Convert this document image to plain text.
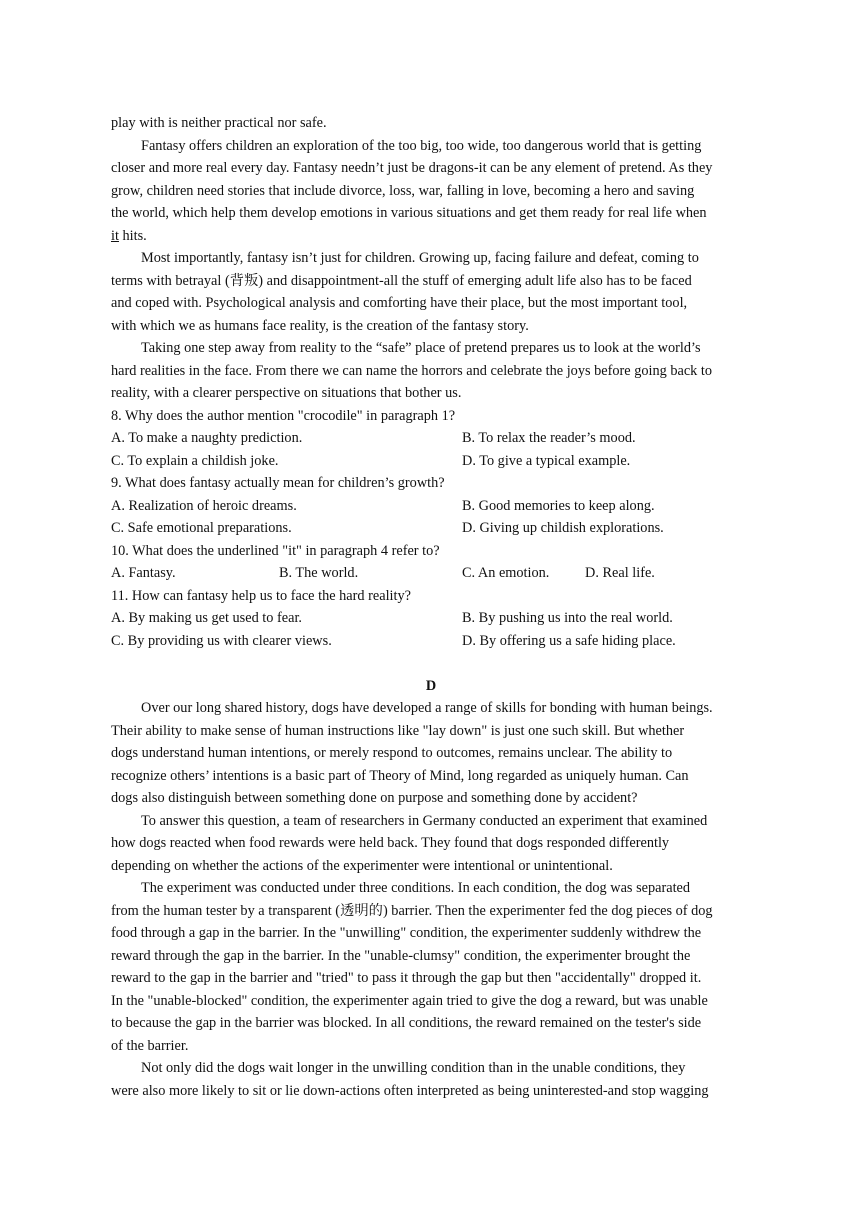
play with is neither practical nor safe.
Fantasy offers children an exploration of the too big, too wide, too dangerous world that is getting
closer and more real every day. Fantasy needn’t just be dragons-it can be any element of pretend. As they
grow, children need stories that include divorce, loss, war, falling in love, becoming a hero and saving
the world, which help them develop emotions in various situations and get them ready for real life when
it hits.
Most importantly, fantasy isn’t just for children. Growing up, facing failure and defeat, coming to
terms with betrayal (背叛) and disappointment-all the stuff of emerging adult life also has to be faced
and coped with. Psychological analysis and comforting have their place, but the most important tool,
with which we as humans face reality, is the creation of the fantasy story.
Taking one step away from reality to the “safe” place of pretend prepares us to look at the world’s
hard realities in the face. From there we can name the horrors and celebrate the joys before going back to
reality, with a clearer perspective on situations that bother us.
8. Why does the author mention "crocodile" in paragraph 1?
A. To make a naughty prediction.	B. To relax the reader’s mood.
C. To explain a childish joke.	D. To give a typical example.
9. What does fantasy actually mean for children’s growth?
A. Realization of heroic dreams.	B. Good memories to keep along.
C. Safe emotional preparations.	D. Giving up childish explorations.
10. What does the underlined "it" in paragraph 4 refer to?
A. Fantasy.	B. The world.	C. An emotion. D. Real life.
11. How can fantasy help us to face the hard reality?
A. By making us get used to fear.	B. By pushing us into the real world.
C. By providing us with clearer views.	D. By offering us a safe hiding place.
D
Over our long shared history, dogs have developed a range of skills for bonding with human beings.
Their ability to make sense of human instructions like "lay down" is just one such skill. But whether
dogs understand human intentions, or merely respond to outcomes, remains unclear. The ability to
recognize others’ intentions is a basic part of Theory of Mind, long regarded as uniquely human. Can
dogs also distinguish between something done on purpose and something done by accident?
To answer this question, a team of researchers in Germany conducted an experiment that examined
how dogs reacted when food rewards were held back. They found that dogs responded differently
depending on whether the actions of the experimenter were intentional or unintentional.
The experiment was conducted under three conditions. In each condition, the dog was separated
from the human tester by a transparent (透明的) barrier. Then the experimenter fed the dog pieces of dog
food through a gap in the barrier. In the "unwilling" condition, the experimenter suddenly withdrew the
reward through the gap in the barrier. In the "unable-clumsy" condition, the experimenter brought the
reward to the gap in the barrier and "tried" to pass it through the gap but then "accidentally" dropped it.
In the "unable-blocked" condition, the experimenter again tried to give the dog a reward, but was unable
to because the gap in the barrier was blocked. In all conditions, the reward remained on the tester's side
of the barrier.
Not only did the dogs wait longer in the unwilling condition than in the unable conditions, they
were also more likely to sit or lie down-actions often interpreted as being uninterested-and stop wagging
